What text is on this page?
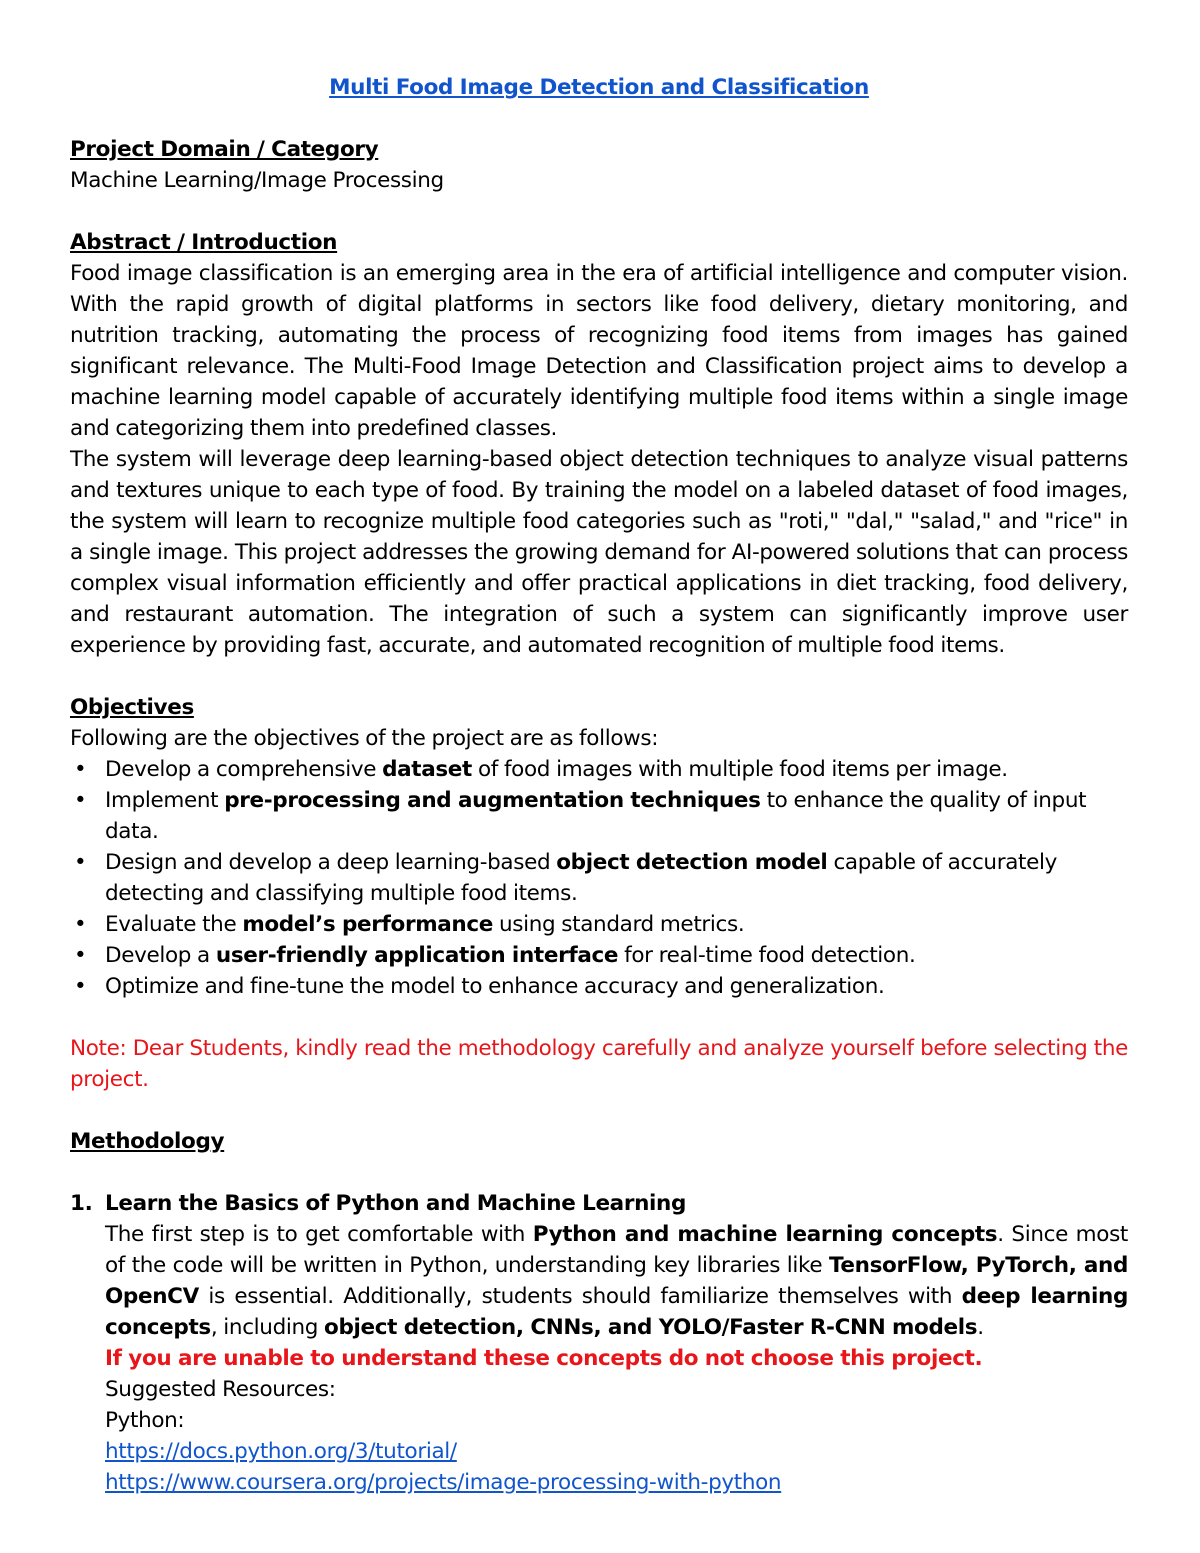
Multi Food Image Detection and Classification
Project Domain / Category
Machine Learning/Image Processing
Abstract / Introduction

Food image classification is an emerging area in the era of artificial intelligence and computer vision. With the rapid growth of digital platforms in sectors like food delivery, dietary monitoring, and nutrition tracking, automating the process of recognizing food items from images has gained significant relevance. The Multi-Food Image Detection and Classification project aims to develop a machine learning model capable of accurately identifying multiple food items within a single image and categorizing them into predefined classes.

The system will leverage deep learning-based object detection techniques to analyze visual patterns and textures unique to each type of food. By training the model on a labeled dataset of food images, the system will learn to recognize multiple food categories such as "roti," "dal," "salad," and "rice" in a single image. This project addresses the growing demand for AI-powered solutions that can process complex visual information efficiently and offer practical applications in diet tracking, food delivery, and restaurant automation. The integration of such a system can significantly improve user experience by providing fast, accurate, and automated recognition of multiple food items.

Objectives
Following are the objectives of the project are as follows:
• Develop a comprehensive dataset of food images with multiple food items per image.
• Implement pre-processing and augmentation techniques to enhance the quality of input data.
• Design and develop a deep learning-based object detection model capable of accurately detecting and classifying multiple food items.
• Evaluate the model’s performance using standard metrics.
• Develop a user-friendly application interface for real-time food detection.
• Optimize and fine-tune the model to enhance accuracy and generalization.

Note: Dear Students, kindly read the methodology carefully and analyze yourself before selecting the project.

Methodology
1. Learn the Basics of Python and Machine Learning

The first step is to get comfortable with Python and machine learning concepts. Since most of the code will be written in Python, understanding key libraries like TensorFlow, PyTorch, and OpenCV is essential. Additionally, students should familiarize themselves with deep learning concepts, including object detection, CNNs, and YOLO/Faster R-CNN models.

If you are unable to understand these concepts do not choose this project.
Suggested Resources:
Python:
https://docs.python.org/3/tutorial/
https://www.coursera.org/projects/image-processing-with-python
